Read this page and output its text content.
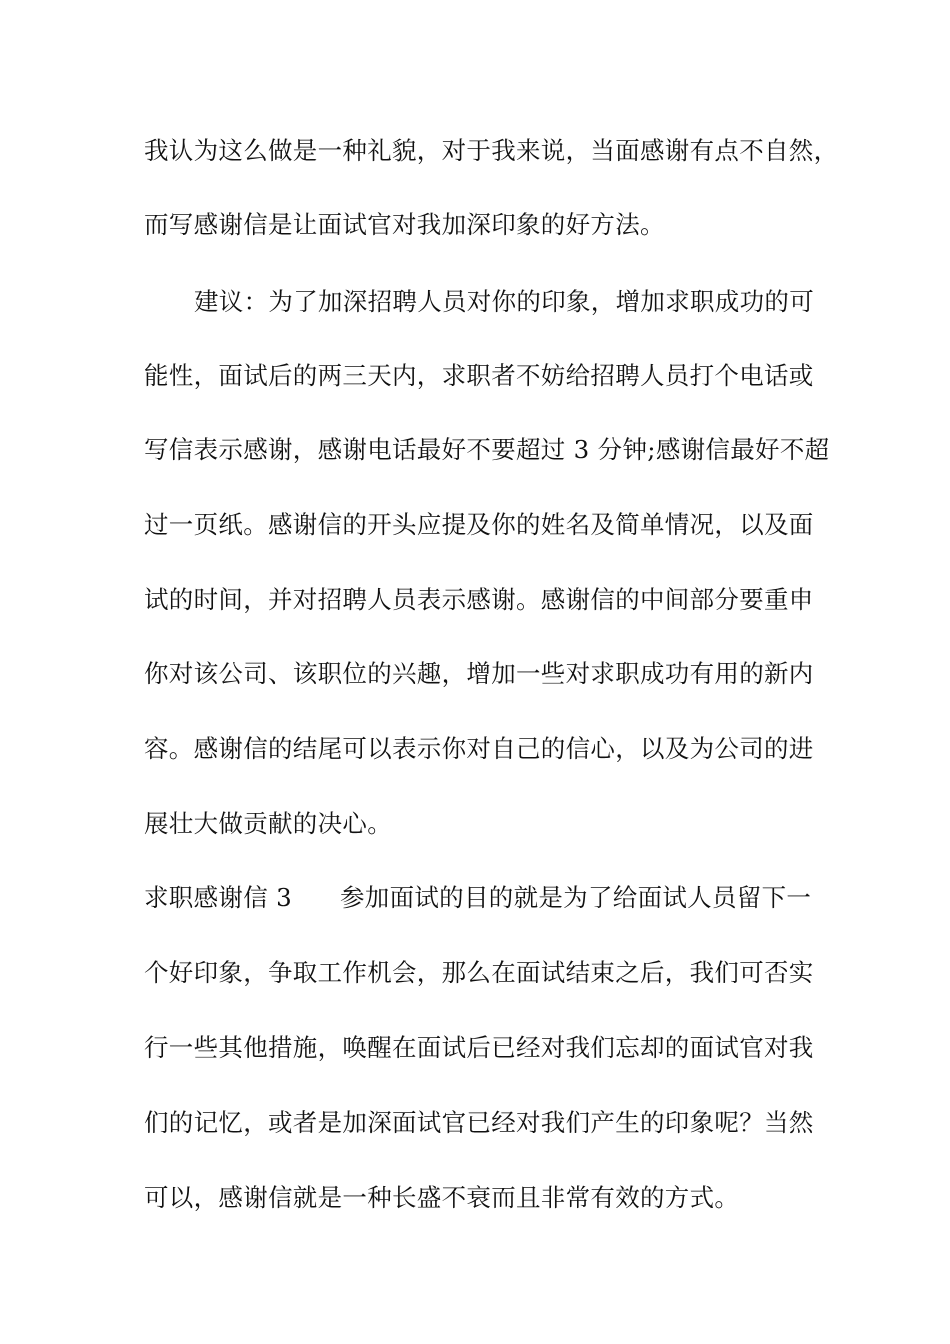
我认为这么做是一种礼貌，对于我来说，当面感谢有点不自然，
而写感谢信是让面试官对我加深印象的好方法。
建议：为了加深招聘人员对你的印象，增加求职成功的可
能性，面试后的两三天内，求职者不妨给招聘人员打个电话或
写信表示感谢，感谢电话最好不要超过 3 分钟;感谢信最好不超
过一页纸。感谢信的开头应提及你的姓名及简单情况，以及面
试的时间，并对招聘人员表示感谢。感谢信的中间部分要重申
你对该公司、该职位的兴趣，增加一些对求职成功有用的新内
容。感谢信的结尾可以表示你对自己的信心，以及为公司的进
展壮大做贡献的决心。
求职感谢信 3 参加面试的目的就是为了给面试人员留下一
个好印象，争取工作机会，那么在面试结束之后，我们可否实
行一些其他措施，唤醒在面试后已经对我们忘却的面试官对我
们的记忆，或者是加深面试官已经对我们产生的印象呢？当然
可以，感谢信就是一种长盛不衰而且非常有效的方式。
